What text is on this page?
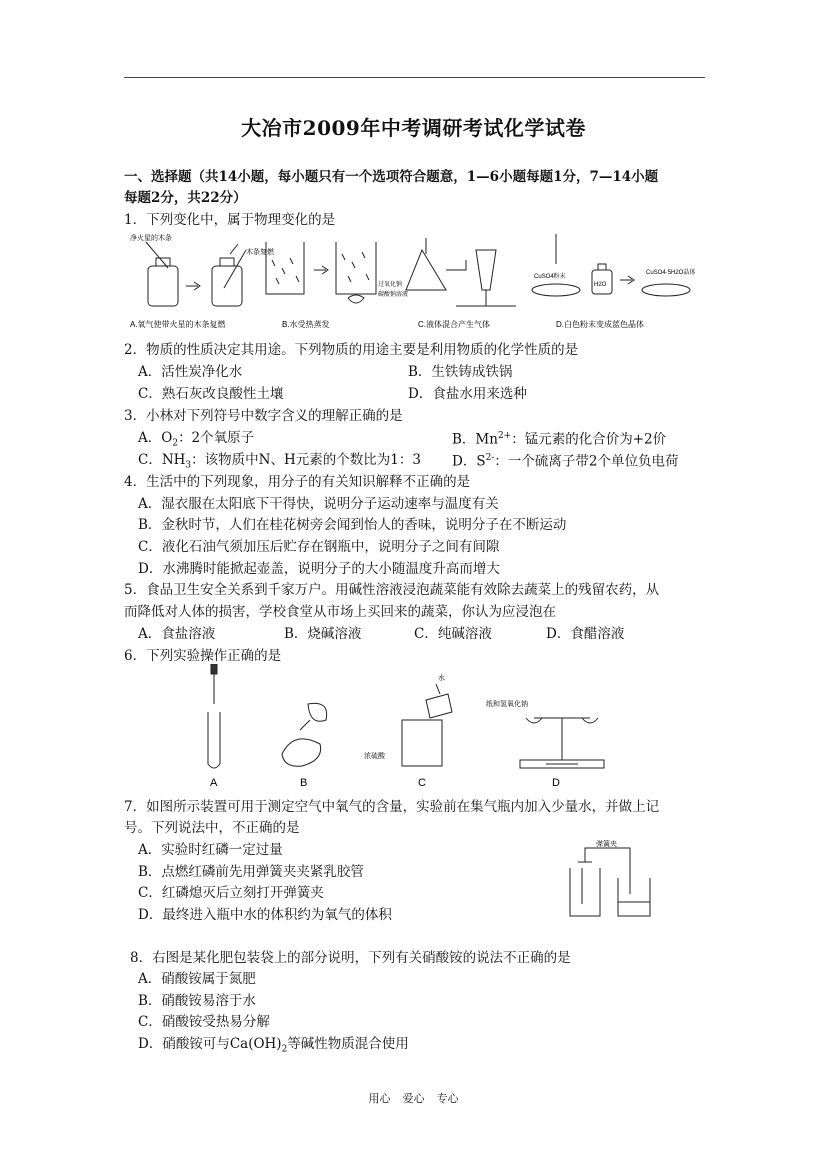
大冶市2009年中考调研考试化学试卷
一、选择题（共14小题，每小题只有一个选项符合题意，1—6小题每题1分，7—14小题
每题2分，共22分）
1．下列变化中，属于物理变化的是
净火星的木条
木条复燃
A.氧气使带火星的木条复燃	B.水受热蒸发
过氧化钠
碳酸钠溶液
C.液体混合产生气体
CuSO4粉末
H2O
CuSO4·5H2O晶体
D.白色粉末变成蓝色晶体
2．物质的性质决定其用途。下列物质的用途主要是利用物质的化学性质的是
A．活性炭净化水	B．生铁铸成铁锅
C．熟石灰改良酸性土壤	D．食盐水用来选种
3．小林对下列符号中数字含义的理解正确的是
A．$O_2$：2个氧原子	B．$Mn^{2+}$：锰元素的化合价为+2价
C．$NH_3$：该物质中N、H元素的个数比为1：3 D．$S^{2-}$：一个硫离子带2个单位负电荷
4．生活中的下列现象，用分子的有关知识解释不正确的是
A．湿衣服在太阳底下干得快，说明分子运动速率与温度有关
B．金秋时节，人们在桂花树旁会闻到怡人的香味，说明分子在不断运动
C．液化石油气须加压后贮存在钢瓶中，说明分子之间有间隙
D．水沸腾时能掀起壶盖，说明分子的大小随温度升高而增大
5．食品卫生安全关系到千家万户。用碱性溶液浸泡蔬菜能有效除去蔬菜上的残留农药，从
而降低对人体的损害，学校食堂从市场上买回来的蔬菜，你认为应浸泡在
A．食盐溶液	B．烧碱溶液	C．纯碱溶液	D．食醋溶液
6．下列实验操作正确的是
水
浓硫酸
纸和氢氧化钠
A	B	C	D
7．如图所示装置可用于测定空气中氧气的含量，实验前在集气瓶内加入少量水，并做上记
号。下列说法中，不正确的是
A．实验时红磷一定过量
B．点燃红磷前先用弹簧夹夹紧乳胶管
C．红磷熄灭后立刻打开弹簧夹
D．最终进入瓶中水的体积约为氧气的体积
弹簧夹
8．右图是某化肥包装袋上的部分说明，下列有关硝酸铵的说法不正确的是
A．硝酸铵属于氮肥
B．硝酸铵易溶于水
C．硝酸铵受热易分解
D．硝酸铵可与$Ca(OH)_2$等碱性物质混合使用
用心 爱心 专心
